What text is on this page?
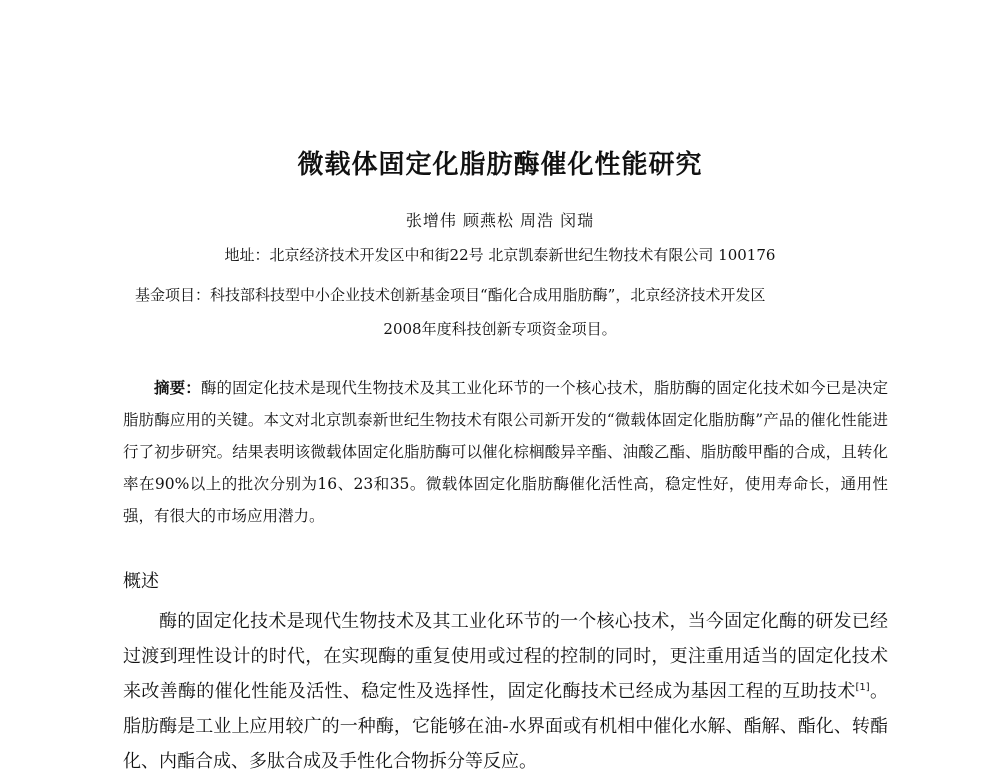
微载体固定化脂肪酶催化性能研究
张增伟 顾燕松 周浩 闵瑞
地址：北京经济技术开发区中和街22号 北京凯泰新世纪生物技术有限公司 100176
基金项目：科技部科技型中小企业技术创新基金项目“酯化合成用脂肪酶”，北京经济技术开发区
2008年度科技创新专项资金项目。
摘要：酶的固定化技术是现代生物技术及其工业化环节的一个核心技术，脂肪酶的固定化技术如今已是决定脂肪酶应用的关键。本文对北京凯泰新世纪生物技术有限公司新开发的“微载体固定化脂肪酶”产品的催化性能进行了初步研究。结果表明该微载体固定化脂肪酶可以催化棕榈酸异辛酯、油酸乙酯、脂肪酸甲酯的合成，且转化率在90%以上的批次分别为16、23和35。微载体固定化脂肪酶催化活性高，稳定性好，使用寿命长，通用性强，有很大的市场应用潜力。
概述
酶的固定化技术是现代生物技术及其工业化环节的一个核心技术，当今固定化酶的研发已经过渡到理性设计的时代，在实现酶的重复使用或过程的控制的同时，更注重用适当的固定化技术来改善酶的催化性能及活性、稳定性及选择性，固定化酶技术已经成为基因工程的互助技术[1]。脂肪酶是工业上应用较广的一种酶，它能够在油-水界面或有机相中催化水解、酯解、酯化、转酯化、内酯合成、多肽合成及手性化合物拆分等反应。
